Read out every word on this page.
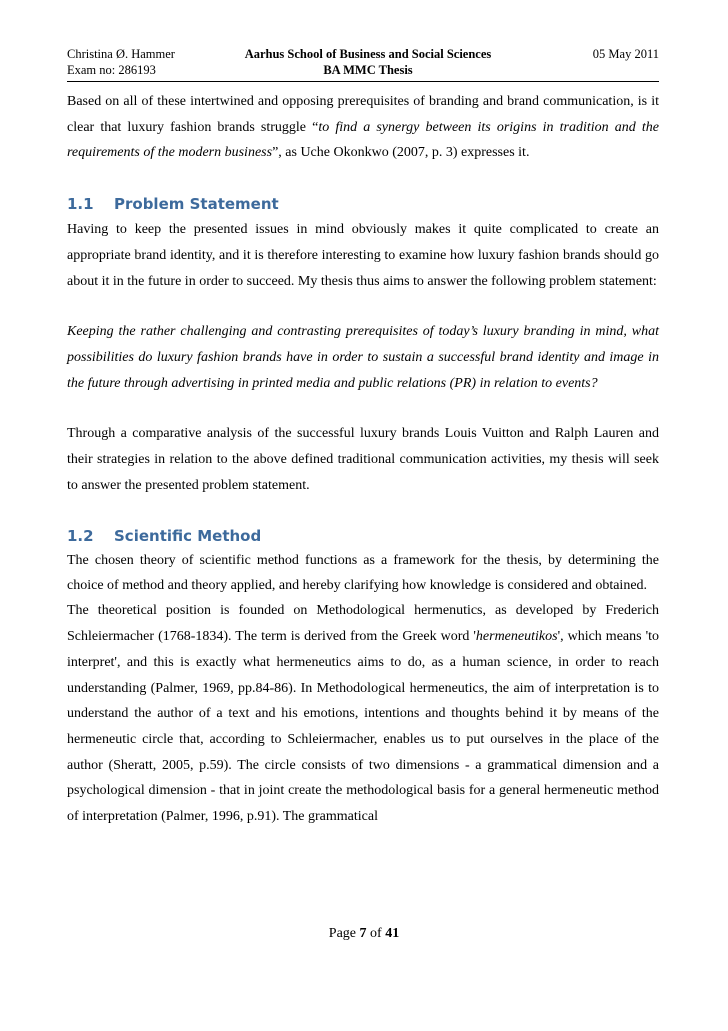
Christina Ø. Hammer
Exam no: 286193
Aarhus School of Business and Social Sciences
BA MMC Thesis
05 May 2011

Based on all of these intertwined and opposing prerequisites of branding and brand communication, is it clear that luxury fashion brands struggle “to find a synergy between its origins in tradition and the requirements of the modern business”, as Uche Okonkwo (2007, p. 3) expresses it.

1.1	Problem Statement

Having to keep the presented issues in mind obviously makes it quite complicated to create an appropriate brand identity, and it is therefore interesting to examine how luxury fashion brands should go about it in the future in order to succeed. My thesis thus aims to answer the following problem statement:

Keeping the rather challenging and contrasting prerequisites of today’s luxury branding in mind, what possibilities do luxury fashion brands have in order to sustain a successful brand identity and image in the future through advertising in printed media and public relations (PR) in relation to events?

Through a comparative analysis of the successful luxury brands Louis Vuitton and Ralph Lauren and their strategies in relation to the above defined traditional communication activities, my thesis will seek to answer the presented problem statement.

1.2	Scientific Method

The chosen theory of scientific method functions as a framework for the thesis, by determining the choice of method and theory applied, and hereby clarifying how knowledge is considered and obtained.

The theoretical position is founded on Methodological hermenutics, as developed by Frederich Schleiermacher (1768-1834). The term is derived from the Greek word 'hermeneutikos', which means 'to interpret', and this is exactly what hermeneutics aims to do, as a human science, in order to reach understanding (Palmer, 1969, pp.84-86). In Methodological hermeneutics, the aim of interpretation is to understand the author of a text and his emotions, intentions and thoughts behind it by means of the hermeneutic circle that, according to Schleiermacher, enables us to put ourselves in the place of the author (Sheratt, 2005, p.59). The circle consists of two dimensions - a grammatical dimension and a psychological dimension - that in joint create the methodological basis for a general hermeneutic method of interpretation (Palmer, 1996, p.91). The grammatical

Page 7 of 41
